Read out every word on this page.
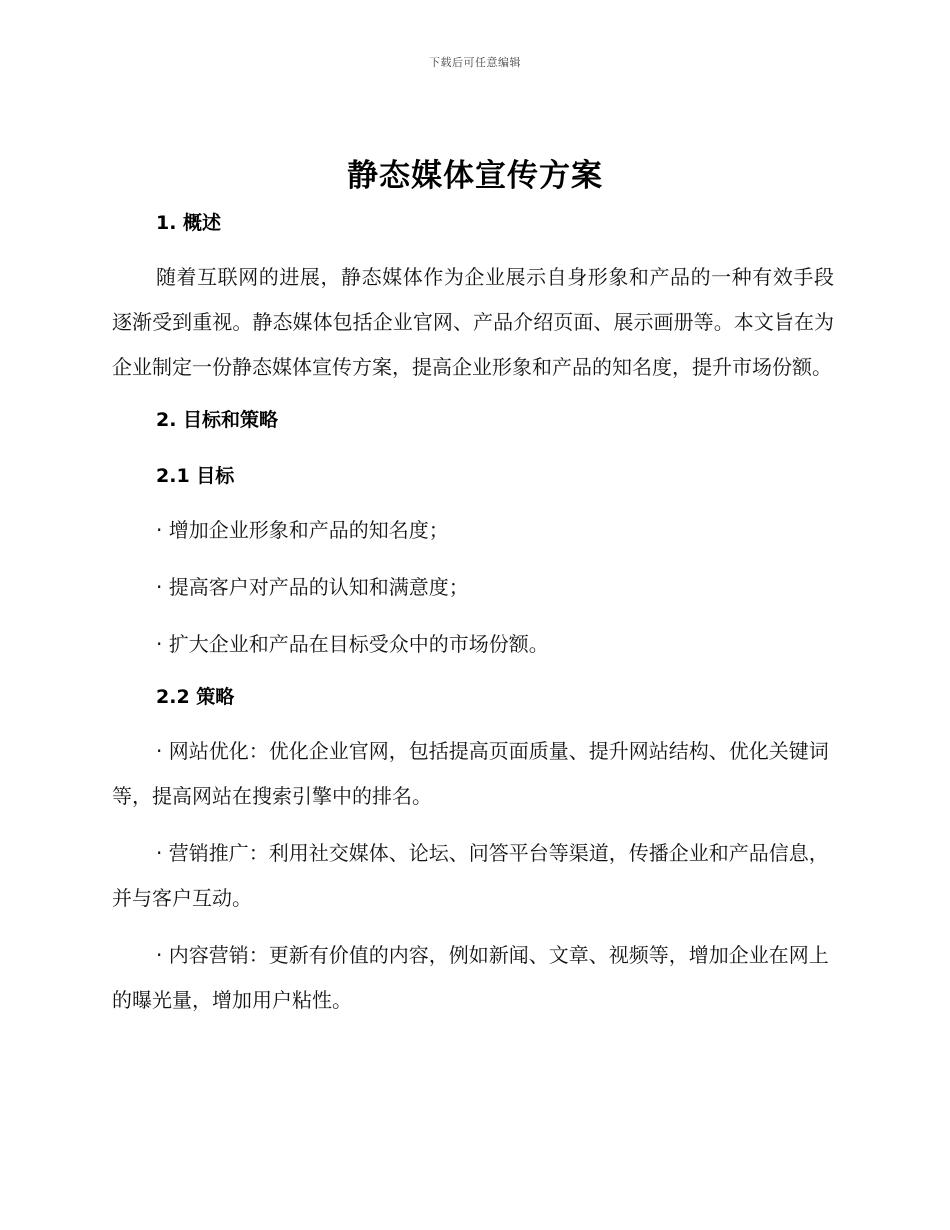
下载后可任意编辑
静态媒体宣传方案
1. 概述

随着互联网的进展，静态媒体作为企业展示自身形象和产品的一种有效手段逐渐受到重视。静态媒体包括企业官网、产品介绍页面、展示画册等。本文旨在为企业制定一份静态媒体宣传方案，提高企业形象和产品的知名度，提升市场份额。

2. 目标和策略
2.1 目标

· 增加企业形象和产品的知名度；

· 提高客户对产品的认知和满意度；

· 扩大企业和产品在目标受众中的市场份额。

2.2 策略

· 网站优化：优化企业官网，包括提高页面质量、提升网站结构、优化关键词等，提高网站在搜索引擎中的排名。

· 营销推广：利用社交媒体、论坛、问答平台等渠道，传播企业和产品信息，并与客户互动。

· 内容营销：更新有价值的内容，例如新闻、文章、视频等，增加企业在网上的曝光量，增加用户粘性。
